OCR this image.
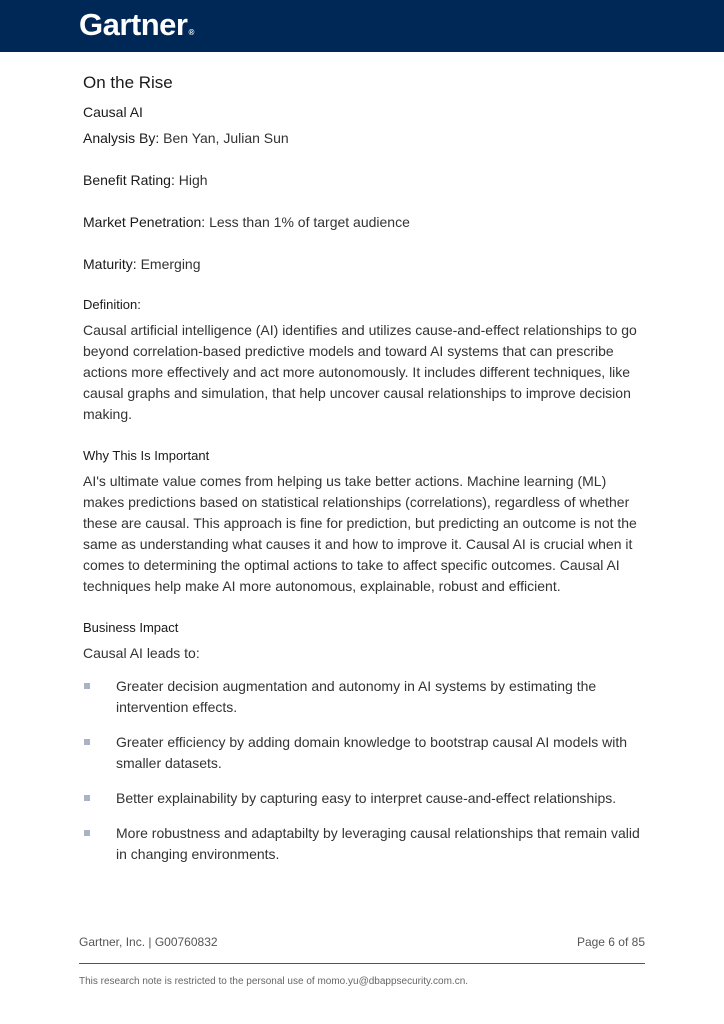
Gartner®
On the Rise
Causal AI
Analysis By: Ben Yan, Julian Sun
Benefit Rating: High
Market Penetration: Less than 1% of target audience
Maturity: Emerging
Definition:
Causal artificial intelligence (AI) identifies and utilizes cause-and-effect relationships to go beyond correlation-based predictive models and toward AI systems that can prescribe actions more effectively and act more autonomously. It includes different techniques, like causal graphs and simulation, that help uncover causal relationships to improve decision making.
Why This Is Important
AI's ultimate value comes from helping us take better actions. Machine learning (ML) makes predictions based on statistical relationships (correlations), regardless of whether these are causal. This approach is fine for prediction, but predicting an outcome is not the same as understanding what causes it and how to improve it. Causal AI is crucial when it comes to determining the optimal actions to take to affect specific outcomes. Causal AI techniques help make AI more autonomous, explainable, robust and efficient.
Business Impact
Causal AI leads to:
Greater decision augmentation and autonomy in AI systems by estimating the intervention effects.
Greater efficiency by adding domain knowledge to bootstrap causal AI models with smaller datasets.
Better explainability by capturing easy to interpret cause-and-effect relationships.
More robustness and adaptabilty by leveraging causal relationships that remain valid in changing environments.
Gartner, Inc. | G00760832	Page 6 of 85
This research note is restricted to the personal use of momo.yu@dbappsecurity.com.cn.
